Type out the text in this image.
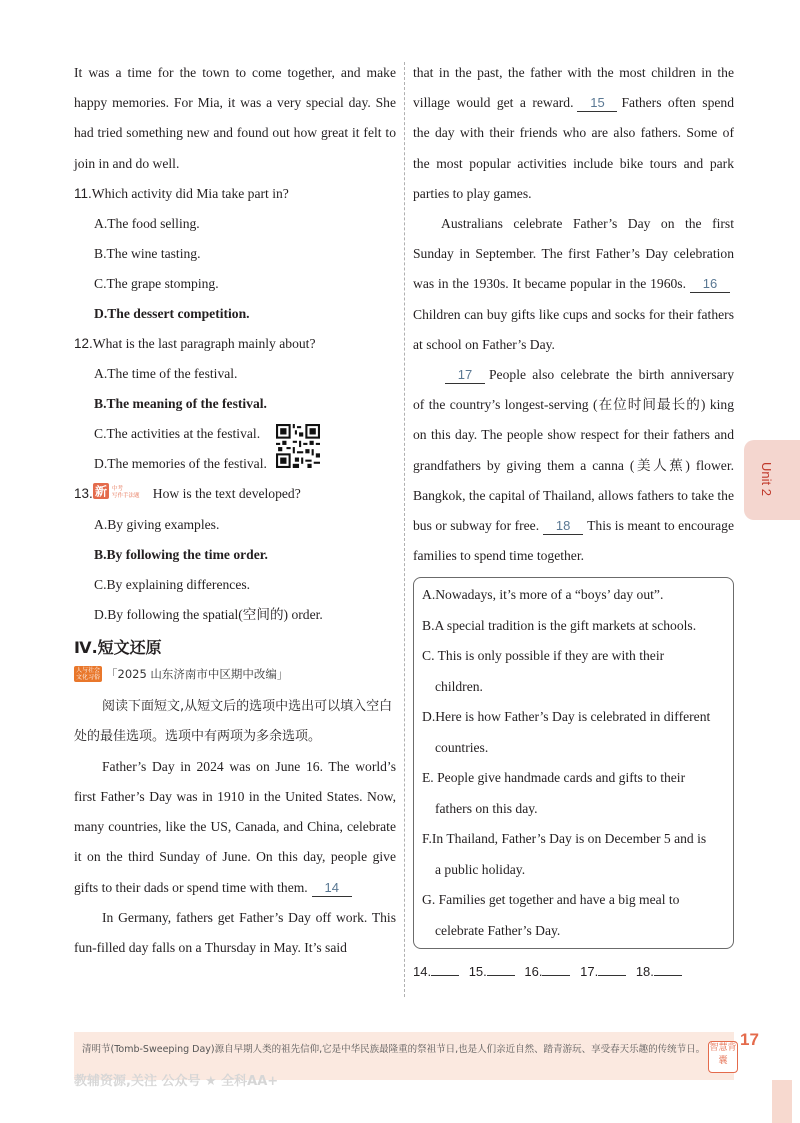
It was a time for the town to come together, and make happy memories. For Mia, it was a very special day. She had tried something new and found out how great it felt to join in and do well.

11.Which activity did Mia take part in?

A.The food selling.

B.The wine tasting.

C.The grape stomping.

D.The dessert competition.

12.What is the last paragraph mainly about?

A.The time of the festival.

B.The meaning of the festival.

C.The activities at the festival.

D.The memories of the festival.

13. 新 中考
写作手法题 How is the text developed?

A.By giving examples.

B.By following the time order.

C.By explaining differences.

D.By following the spatial(空间的) order.

Ⅳ.短文还原
人与社会 文化习俗 「2025 山东济南市中区期中改编」

阅读下面短文,从短文后的选项中选出可以填入空白处的最佳选项。选项中有两项为多余选项。

Father’s Day in 2024 was on June 16. The world’s first Father’s Day was in 1910 in the United States. Now, many countries, like the US, Canada, and China, celebrate it on the third Sunday of June. On this day, people give gifts to their dads or spend time with them. 14

In Germany, fathers get Father’s Day off work. This fun-filled day falls on a Thursday in May. It’s said

that in the past, the father with the most children in the village would get a reward. 15 Fathers often spend the day with their friends who are also fathers. Some of the most popular activities include bike tours and park parties to play games.

Australians celebrate Father’s Day on the first Sunday in September. The first Father’s Day celebration was in the 1930s. It became popular in the 1960s. 16Children can buy gifts like cups and socks for their fathers at school on Father’s Day.

17 People also celebrate the birth anniversary of the country’s longest-serving (在位时间最长的) king on this day. The people show respect for their fathers and grandfathers by giving them a canna (美人蕉) flower. Bangkok, the capital of Thailand, allows fathers to take the bus or subway for free. 18 This is meant to encourage families to spend time together.

A.Nowadays, it’s more of a “boys’ day out”.

B.A special tradition is the gift markets at schools.

C. This is only possible if they are with their
children.

D.Here is how Father’s Day is celebrated in different
countries.

E. People give handmade cards and gifts to their
fathers on this day.

F.In Thailand, Father’s Day is on December 5 and is
a public holiday.

G. Families get together and have a big meal to
celebrate Father’s Day.

14.	15.	16.	17.	18.
Unit 2
清明节(Tomb-Sweeping Day)源自早期人类的祖先信仰,它是中华民族最隆重的祭祖节日,也是人们亲近自然、踏青游玩、享受春天乐趣的传统节日。
教辅资源,关注 公众号 ★ 全科AA+
智慧背囊
17
